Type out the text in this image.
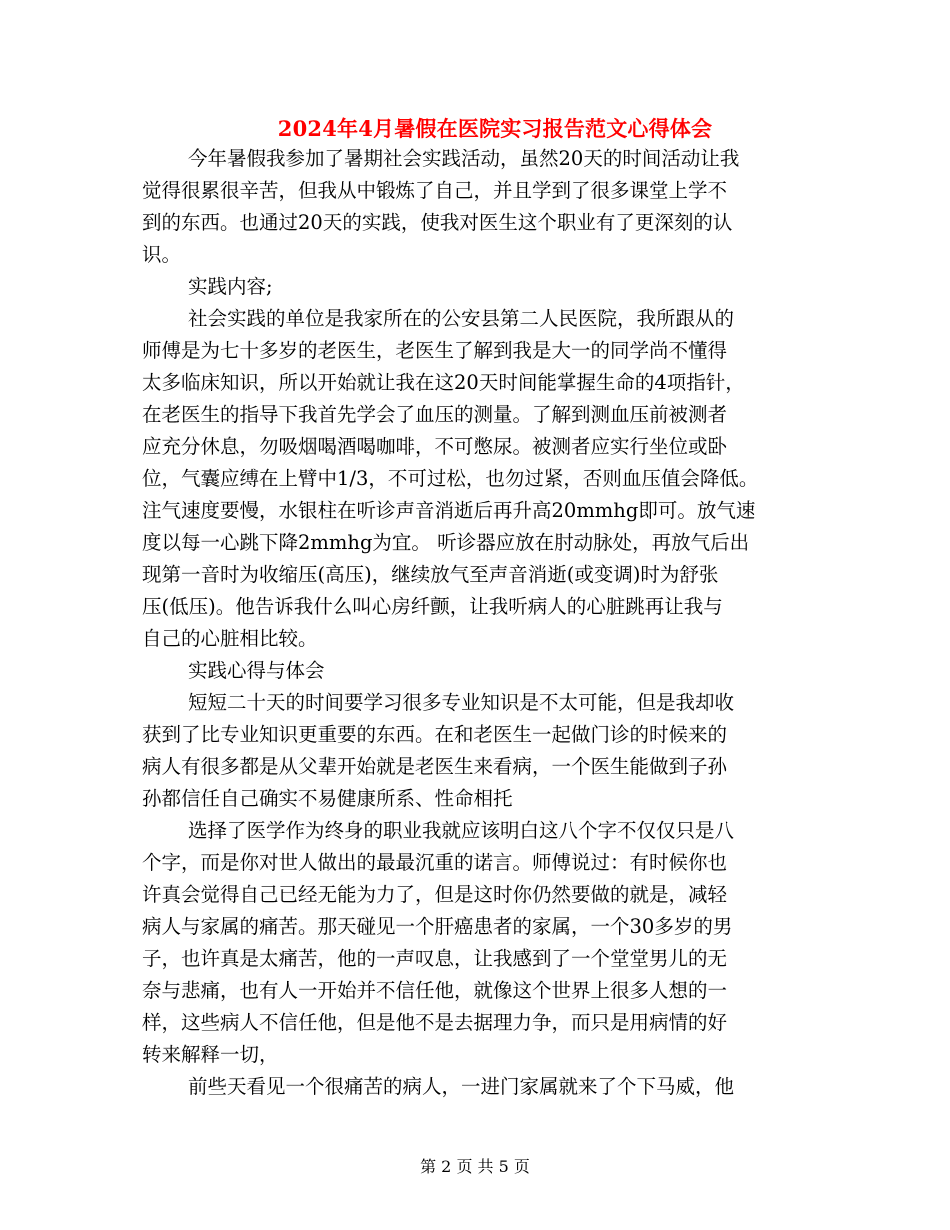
2024年4月暑假在医院实习报告范文心得体会
今年暑假我参加了暑期社会实践活动，虽然20天的时间活动让我
觉得很累很辛苦，但我从中锻炼了自己，并且学到了很多课堂上学不
到的东西。也通过20天的实践，使我对医生这个职业有了更深刻的认
识。
实践内容;
社会实践的单位是我家所在的公安县第二人民医院，我所跟从的
师傅是为七十多岁的老医生，老医生了解到我是大一的同学尚不懂得
太多临床知识，所以开始就让我在这20天时间能掌握生命的4项指针，
在老医生的指导下我首先学会了血压的测量。了解到测血压前被测者
应充分休息，勿吸烟喝酒喝咖啡，不可憋尿。被测者应实行坐位或卧
位，气囊应缚在上臂中1/3，不可过松，也勿过紧，否则血压值会降低。
注气速度要慢，水银柱在听诊声音消逝后再升高20mmhg即可。放气速
度以每一心跳下降2mmhg为宜。 听诊器应放在肘动脉处，再放气后出
现第一音时为收缩压(高压)，继续放气至声音消逝(或变调)时为舒张
压(低压)。他告诉我什么叫心房纤颤，让我听病人的心脏跳再让我与
自己的心脏相比较。
实践心得与体会
短短二十天的时间要学习很多专业知识是不太可能，但是我却收
获到了比专业知识更重要的东西。在和老医生一起做门诊的时候来的
病人有很多都是从父辈开始就是老医生来看病，一个医生能做到子孙
孙都信任自己确实不易健康所系、性命相托
选择了医学作为终身的职业我就应该明白这八个字不仅仅只是八
个字，而是你对世人做出的最最沉重的诺言。师傅说过：有时候你也
许真会觉得自己已经无能为力了，但是这时你仍然要做的就是，减轻
病人与家属的痛苦。那天碰见一个肝癌患者的家属，一个30多岁的男
子，也许真是太痛苦，他的一声叹息，让我感到了一个堂堂男儿的无
奈与悲痛，也有人一开始并不信任他，就像这个世界上很多人想的一
样，这些病人不信任他，但是他不是去据理力争，而只是用病情的好
转来解释一切，
前些天看见一个很痛苦的病人，一进门家属就来了个下马威，他
第 2 页 共 5 页
